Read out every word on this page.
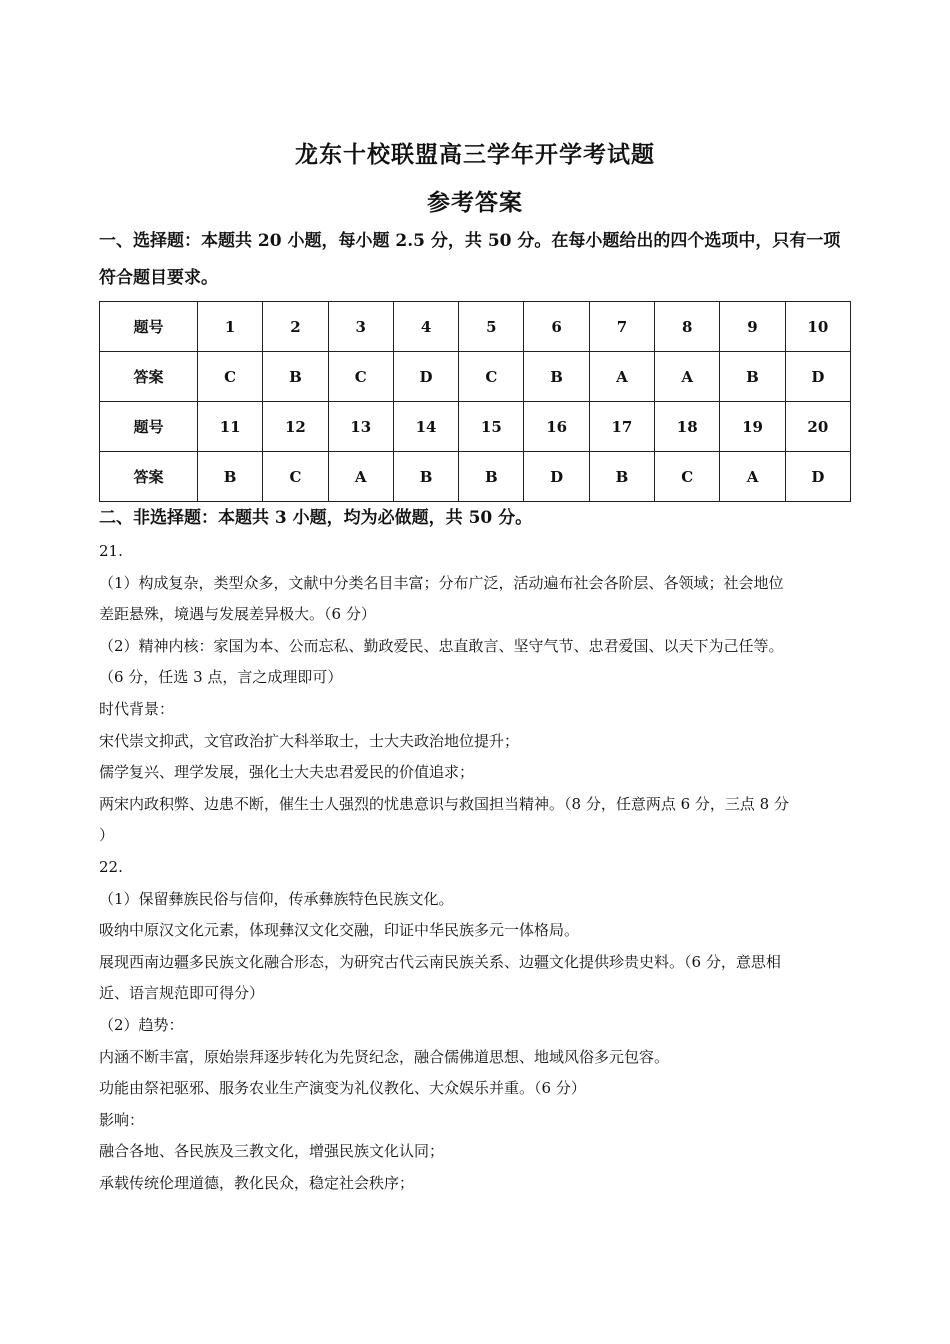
龙东十校联盟高三学年开学考试题
参考答案
一、选择题：本题共 20 小题，每小题 2.5 分，共 50 分。在每小题给出的四个选项中，只有一项符合题目要求。
题号	1	2	3	4	5	6	7	8	9	10
答案	C	B	C	D	C	B	A	A	B	D
题号	11	12	13	14	15	16	17	18	19	20
答案	B	C	A	B	B	D	B	C	A	D
二、非选择题：本题共 3 小题，均为必做题，共 50 分。
21.
（1）构成复杂，类型众多，文献中分类名目丰富；分布广泛，活动遍布社会各阶层、各领域；社会地位
差距悬殊，境遇与发展差异极大。（6 分）
（2）精神内核：家国为本、公而忘私、勤政爱民、忠直敢言、坚守气节、忠君爱国、以天下为己任等。
（6 分，任选 3 点，言之成理即可）
时代背景：
宋代崇文抑武，文官政治扩大科举取士，士大夫政治地位提升；
儒学复兴、理学发展，强化士大夫忠君爱民的价值追求；
两宋内政积弊、边患不断，催生士人强烈的忧患意识与救国担当精神。（8 分，任意两点 6 分，三点 8 分
）
22.
（1）保留彝族民俗与信仰，传承彝族特色民族文化。
吸纳中原汉文化元素，体现彝汉文化交融，印证中华民族多元一体格局。
展现西南边疆多民族文化融合形态，为研究古代云南民族关系、边疆文化提供珍贵史料。（6 分，意思相
近、语言规范即可得分）
（2）趋势：
内涵不断丰富，原始崇拜逐步转化为先贤纪念，融合儒佛道思想、地域风俗多元包容。
功能由祭祀驱邪、服务农业生产演变为礼仪教化、大众娱乐并重。（6 分）
影响：
融合各地、各民族及三教文化，增强民族文化认同；
承载传统伦理道德，教化民众，稳定社会秩序；
